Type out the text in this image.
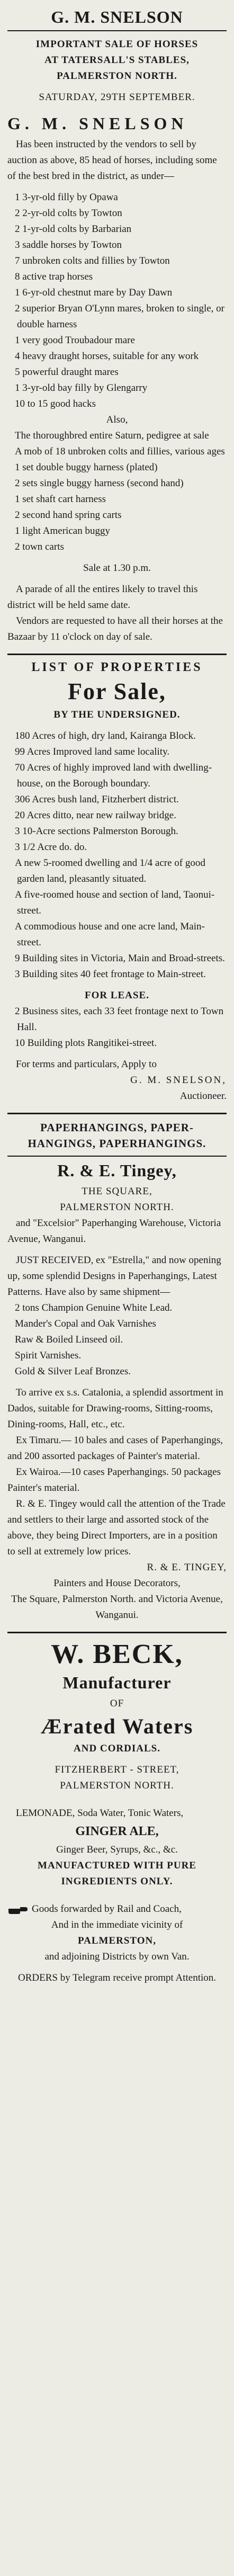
G. M. SNELSON

IMPORTANT SALE OF HORSES

AT TATERSALL'S STABLES,

PALMERSTON NORTH.

SATURDAY, 29TH SEPTEMBER.

G. M. SNELSON

Has been instructed by the vendors to sell by auction as above, 85 head of horses, including some of the best bred in the district, as under—

1 3-yr-old filly by Opawa

2 2-yr-old colts by Towton

2 1-yr-old colts by Barbarian

3 saddle horses by Towton

7 unbroken colts and fillies by Towton

8 active trap horses

1 6-yr-old chestnut mare by Day Dawn

2 superior Bryan O'Lynn mares, broken to single, or double harness

1 very good Troubadour mare

4 heavy draught horses, suitable for any work

5 powerful draught mares

1 3-yr-old bay filly by Glengarry

10 to 15 good hacks

Also,

The thoroughbred entire Saturn, pedigree at sale

A mob of 18 unbroken colts and fillies, various ages

1 set double buggy harness (plated)

2 sets single buggy harness (second hand)

1 set shaft cart harness

2 second hand spring carts

1 light American buggy

2 town carts

Sale at 1.30 p.m.

A parade of all the entires likely to travel this district will be held same date.

Vendors are requested to have all their horses at the Bazaar by 11 o'clock on day of sale.

LIST OF PROPERTIES
For Sale,

BY THE UNDERSIGNED.

180 Acres of high, dry land, Kairanga Block.

99 Acres Improved land same locality.

70 Acres of highly improved land with dwelling-house, on the Borough boundary.

306 Acres bush land, Fitzherbert district.

20 Acres ditto, near new railway bridge.

3 10-Acre sections Palmerston Borough.

3 1/2 Acre do. do.

A new 5-roomed dwelling and 1/4 acre of good garden land, pleasantly situated.

A five-roomed house and section of land, Taonui-street.

A commodious house and one acre land, Main-street.

9 Building sites in Victoria, Main and Broad-streets.

3 Building sites 40 feet frontage to Main-street.

FOR LEASE.

2 Business sites, each 33 feet frontage next to Town Hall.

10 Building plots Rangitikei-street.

For terms and particulars, Apply to

G. M. SNELSON,

Auctioneer.

PAPERHANGINGS, PAPER-HANGINGS, PAPERHANGINGS.

R. & E. Tingey,

THE SQUARE,

PALMERSTON NORTH.

and "Excelsior" Paperhanging Warehouse, Victoria Avenue, Wanganui.

JUST RECEIVED, ex "Estrella," and now opening up, some splendid Designs in Paperhangings, Latest Patterns. Have also by same shipment—

2 tons Champion Genuine White Lead.

Mander's Copal and Oak Varnishes

Raw & Boiled Linseed oil.

Spirit Varnishes.

Gold & Silver Leaf Bronzes.

To arrive ex s.s. Catalonia, a splendid assortment in Dados, suitable for Drawing-rooms, Sitting-rooms, Dining-rooms, Hall, etc., etc.

Ex Timaru.— 10 bales and cases of Paperhangings, and 200 assorted packages of Painter's material.

Ex Wairoa.—10 cases Paperhangings. 50 packages Painter's material.

R. & E. Tingey would call the attention of the Trade and settlers to their large and assorted stock of the above, they being Direct Importers, are in a position to sell at extremely low prices.

R. & E. TINGEY,

Painters and House Decorators,

The Square, Palmerston North. and Victoria Avenue, Wanganui.

W. BECK,
Manufacturer

OF

Ærated Waters

AND CORDIALS.

FITZHERBERT - STREET,

PALMERSTON NORTH.

LEMONADE, Soda Water, Tonic Waters,

GINGER ALE,

Ginger Beer, Syrups, &c., &c.

MANUFACTURED WITH PURE

INGREDIENTS ONLY.

Goods forwarded by Rail and Coach,

And in the immediate vicinity of

PALMERSTON,

and adjoining Districts by own Van.

ORDERS by Telegram receive prompt Attention.
